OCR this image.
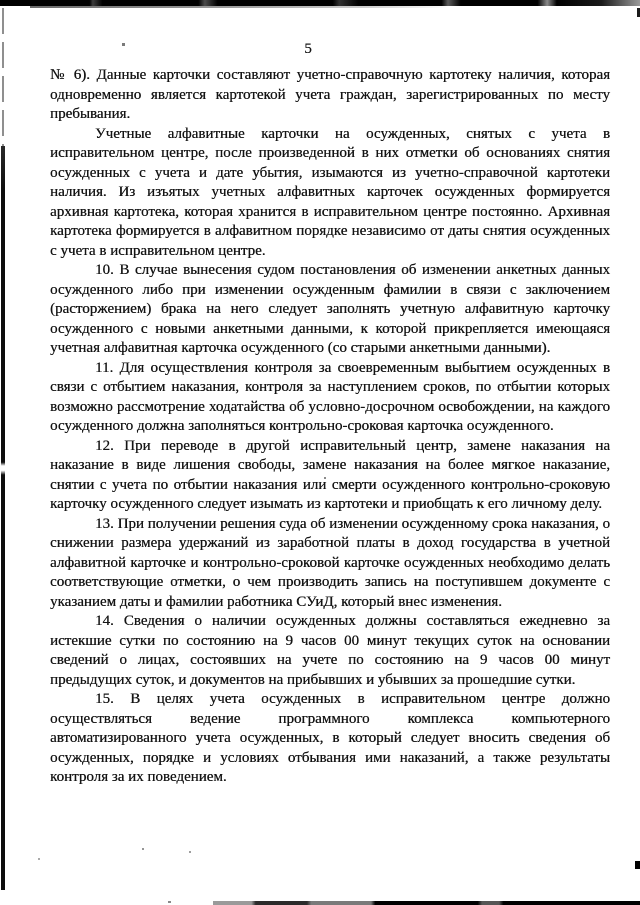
5

№ 6). Данные карточки составляют учетно-справочную картотеку наличия, которая одновременно является картотекой учета граждан, зарегистрированных по месту пребывания.

Учетные алфавитные карточки на осужденных, снятых с учета в исправительном центре, после произведенной в них отметки об основаниях снятия осужденных с учета и дате убытия, изымаются из учетно-справочной картотеки наличия. Из изъятых учетных алфавитных карточек осужденных формируется архивная картотека, которая хранится в исправительном центре постоянно. Архивная картотека формируется в алфавитном порядке независимо от даты снятия осужденных с учета в исправительном центре.

10. В случае вынесения судом постановления об изменении анкетных данных осужденного либо при изменении осужденным фамилии в связи с заключением (расторжением) брака на него следует заполнять учетную алфавитную карточку осужденного с новыми анкетными данными, к которой прикрепляется имеющаяся учетная алфавитная карточка осужденного (со старыми анкетными данными).

11. Для осуществления контроля за своевременным выбытием осужденных в связи с отбытием наказания, контроля за наступлением сроков, по отбытии которых возможно рассмотрение ходатайства об условно-досрочном освобождении, на каждого осужденного должна заполняться контрольно-сроковая карточка осужденного.

12. При переводе в другой исправительный центр, замене наказания на наказание в виде лишения свободы, замене наказания на более мягкое наказание, снятии с учета по отбытии наказания или смерти осужденного контрольно-сроковую карточку осужденного следует изымать из картотеки и приобщать к его личному делу.

13. При получении решения суда об изменении осужденному срока наказания, о снижении размера удержаний из заработной платы в доход государства в учетной алфавитной карточке и контрольно-сроковой карточке осужденных необходимо делать соответствующие отметки, о чем производить запись на поступившем документе с указанием даты и фамилии работника СУиД, который внес изменения.

14. Сведения о наличии осужденных должны составляться ежедневно за истекшие сутки по состоянию на 9 часов 00 минут текущих суток на основании сведений о лицах, состоявших на учете по состоянию на 9 часов 00 минут предыдущих суток, и документов на прибывших и убывших за прошедшие сутки.

15. В целях учета осужденных в исправительном центре должно осуществляться ведение программного комплекса компьютерного автоматизированного учета осужденных, в который следует вносить сведения об осужденных, порядке и условиях отбывания ими наказаний, а также результаты контроля за их поведением.
